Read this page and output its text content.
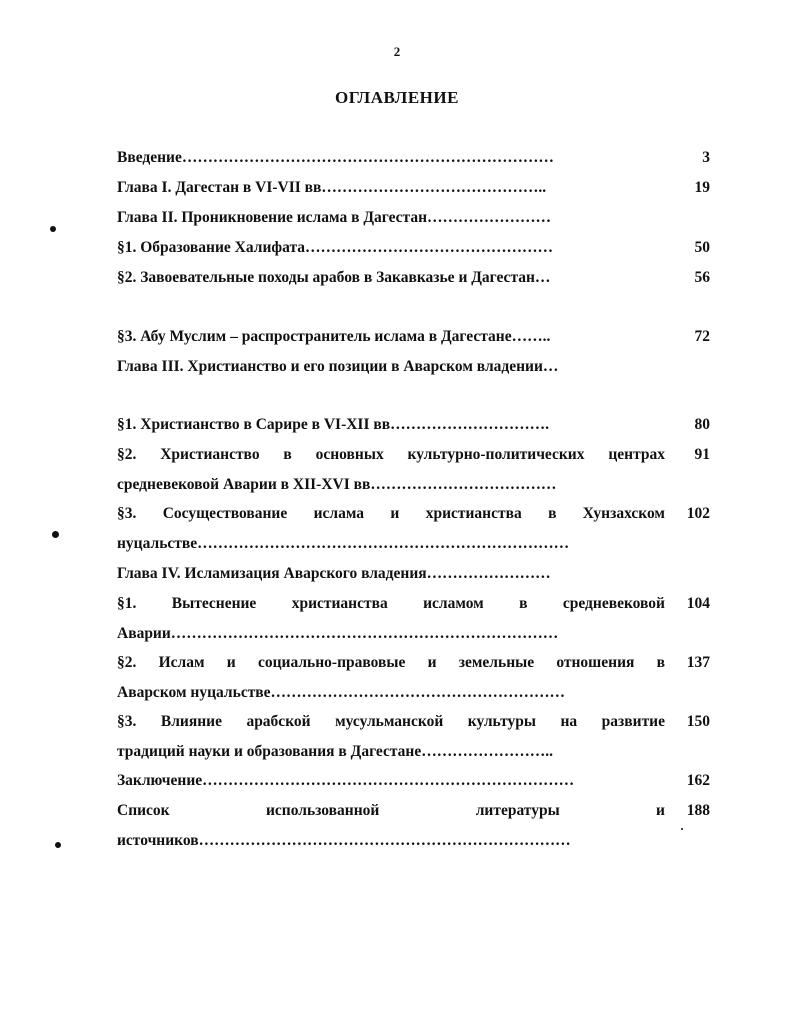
2
ОГЛАВЛЕНИЕ
Введение………………………………………………………………	3
Глава I. Дагестан в VI-VII вв……………………………………..	19
Глава II. Проникновение ислама в Дагестан……………………
§1. Образование Халифата…………………………………………	50
§2. Завоевательные походы арабов в Закавказье и Дагестан…	56
§3. Абу Муслим – распространитель ислама в Дагестане……..	72
Глава III. Христианство и его позиции в Аварском владении…
§1. Христианство в Сарире в VI-XII вв………………………….	80
§2. Христианство в основных культурно-политических центрах	91
средневековой Аварии в XII-XVI вв………………………………
§3. Сосуществование ислама и христианства в Хунзахском	102
нуцальстве………………………………………………………………
Глава IV. Исламизация Аварского владения……………………
§1. Вытеснение христианства исламом в средневековой	104
Аварии…………………………………………………………………
§2. Ислам и социально-правовые и земельные отношения в	137
Аварском нуцальстве…………………………………………………
§3. Влияние арабской мусульманской культуры на развитие	150
традиций науки и образования в Дагестане……………………..
Заключение………………………………………………………………	162
Список использованной литературы и	188
источников………………………………………………………………
